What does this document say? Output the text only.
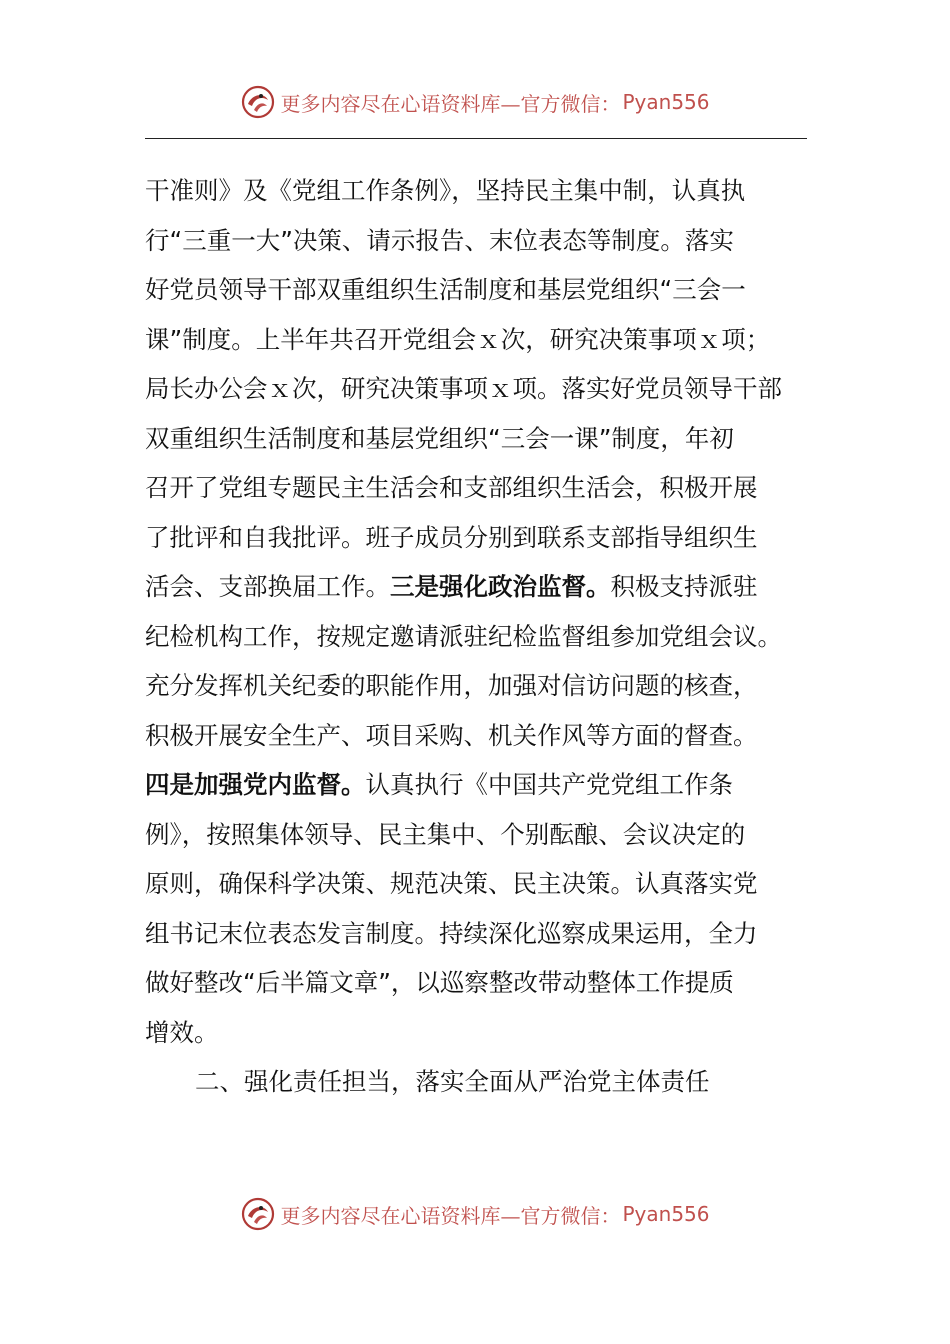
更多内容尽在心语资料库—官方微信： Pyan556
干准则》及《党组工作条例》，坚持民主集中制，认真执
行“三重一大”决策、请示报告、末位表态等制度。落实
好党员领导干部双重组织生活制度和基层党组织“三会一
课”制度。上半年共召开党组会ｘ次，研究决策事项ｘ项；
局长办公会ｘ次，研究决策事项ｘ项。落实好党员领导干部
双重组织生活制度和基层党组织“三会一课”制度，年初
召开了党组专题民主生活会和支部组织生活会，积极开展
了批评和自我批评。班子成员分别到联系支部指导组织生
活会、支部换届工作。三是强化政治监督。积极支持派驻
纪检机构工作，按规定邀请派驻纪检监督组参加党组会议。
充分发挥机关纪委的职能作用，加强对信访问题的核查，
积极开展安全生产、项目采购、机关作风等方面的督查。
四是加强党内监督。认真执行《中国共产党党组工作条
例》，按照集体领导、民主集中、个别酝酿、会议决定的
原则，确保科学决策、规范决策、民主决策。认真落实党
组书记末位表态发言制度。持续深化巡察成果运用，全力
做好整改“后半篇文章”，以巡察整改带动整体工作提质
增效。
二、强化责任担当，落实全面从严治党主体责任
更多内容尽在心语资料库—官方微信： Pyan556
